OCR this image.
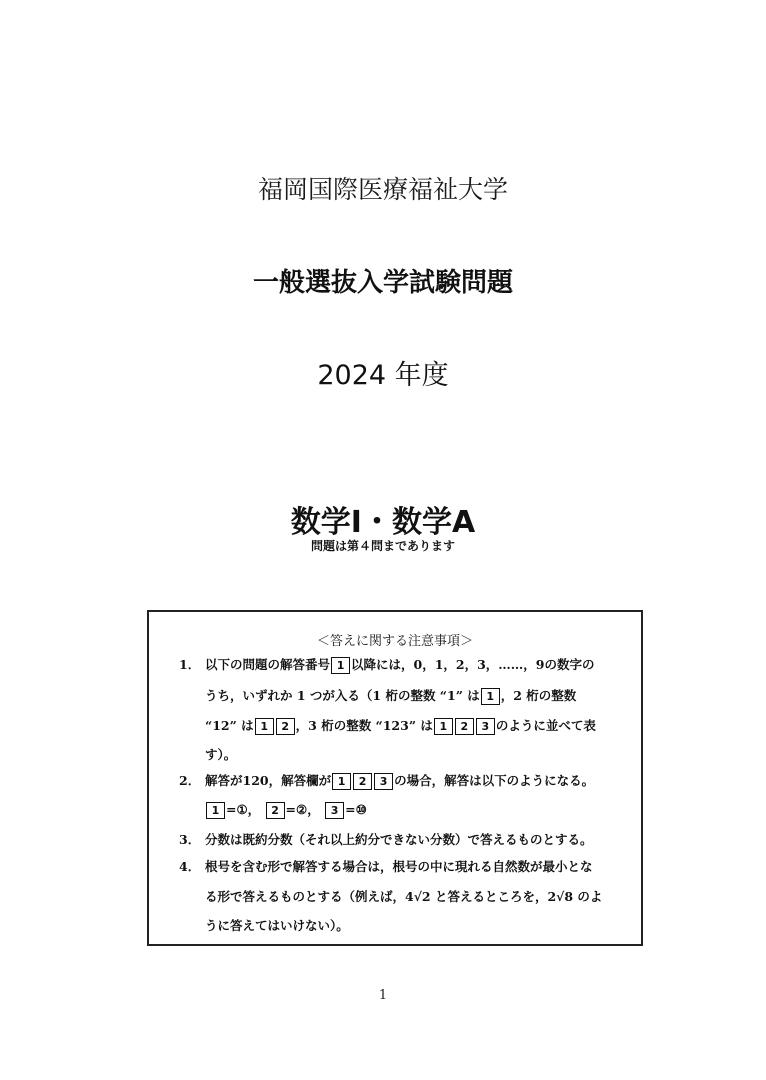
福岡国際医療福祉大学
一般選抜入学試験問題
2024 年度
数学Ⅰ・数学A
問題は第４問まであります
＜答えに関する注意事項＞
1． 以下の問題の解答番号 1 以降には，0，1，2，3，……，9の数字の
うち，いずれか 1 つが入る（1 桁の整数 “1” は 1 ，2 桁の整数
“12” は 1 2 ，3 桁の整数 “123” は 1 2 3 のように並べて表
す）。
2． 解答が120，解答欄が 1 2 3 の場合，解答は以下のようになる。
1 =①， 2 =②， 3 =⑩
3． 分数は既約分数（それ以上約分できない分数）で答えるものとする。
4． 根号を含む形で解答する場合は，根号の中に現れる自然数が最小とな
る形で答えるものとする（例えば，4√2 と答えるところを，2√8 のよ
うに答えてはいけない）。
1
